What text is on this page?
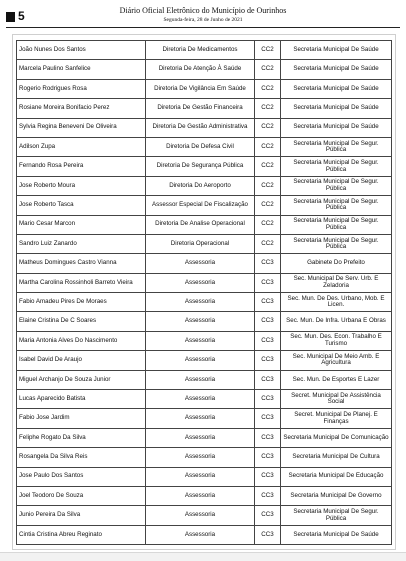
5	Diário Oficial Eletrônico do Município de Ourinhos
Segunda-feira, 28 de Junho de 2021
João Nunes Dos Santos	Diretoria De Medicamentos	CC2	Secretaria Municipal De Saúde
Marcela Paulino Sanfelice	Diretoria De Atenção À Saúde	CC2	Secretaria Municipal De Saúde
Rogerio Rodrigues Rosa	Diretoria De Vigilância Em Saúde	CC2	Secretaria Municipal De Saúde
Rosiane Moreira Bonifacio Perez	Diretoria De Gestão Financeira	CC2	Secretaria Municipal De Saúde
Sylvia Regina Beneveni De Oliveira	Diretoria De Gestão Administrativa	CC2	Secretaria Municipal De Saúde
Adilson Zupa	Diretoria De Defesa Civil	CC2	Secretaria Municipal De Segur. Pública
Fernando Rosa Pereira	Diretoria De Segurança Pública	CC2	Secretaria Municipal De Segur. Pública
Jose Roberto Moura	Diretoria Do Aeroporto	CC2	Secretaria Municipal De Segur. Pública
Jose Roberto Tasca	Assessor Especial De Fiscalização	CC2	Secretaria Municipal De Segur. Pública
Mario Cesar Marcon	Diretoria De Analise Operacional	CC2	Secretaria Municipal De Segur. Pública
Sandro Luiz Zanardo	Diretoria Operacional	CC2	Secretaria Municipal De Segur. Pública
Matheus Domingues Castro Vianna	Assessoria	CC3	Gabinete Do Prefeito
Martha Carolina Rossinholi Barreto Vieira	Assessoria	CC3	Sec. Municipal De Serv. Urb. E Zeladoria
Fabio Amadeu Pires De Moraes	Assessoria	CC3	Sec. Mun. De Des. Urbano, Mob. E Licen.
Elaine Cristina De C Soares	Assessoria	CC3	Sec. Mun. De Infra. Urbana E Obras
Maria Antonia Alves Do Nascimento	Assessoria	CC3	Sec. Mun. Des. Econ. Trabalho E Turismo
Isabel David De Araujo	Assessoria	CC3	Sec. Municipal De Meio Amb. E Agricultura
Miguel Archanjo De Souza Junior	Assessoria	CC3	Sec. Mun. De Esportes E Lazer
Lucas Aparecido Batista	Assessoria	CC3	Secret. Municipal De Assistência Social
Fabio Jose Jardim	Assessoria	CC3	Secret. Municipal De Planej. E Finanças
Feliphe Rogato Da Silva	Assessoria	CC3	Secretaria Municipal De Comunicação
Rosangela Da Silva Reis	Assessoria	CC3	Secretaria Municipal De Cultura
Jose Paulo Dos Santos	Assessoria	CC3	Secretaria Municipal De Educação
Joel Teodoro De Souza	Assessoria	CC3	Secretaria Municipal De Governo
Junio Pereira Da Silva	Assessoria	CC3	Secretaria Municipal De Segur. Pública
Cintia Cristina Abreu Reginato	Assessoria	CC3	Secretaria Municipal De Saúde
